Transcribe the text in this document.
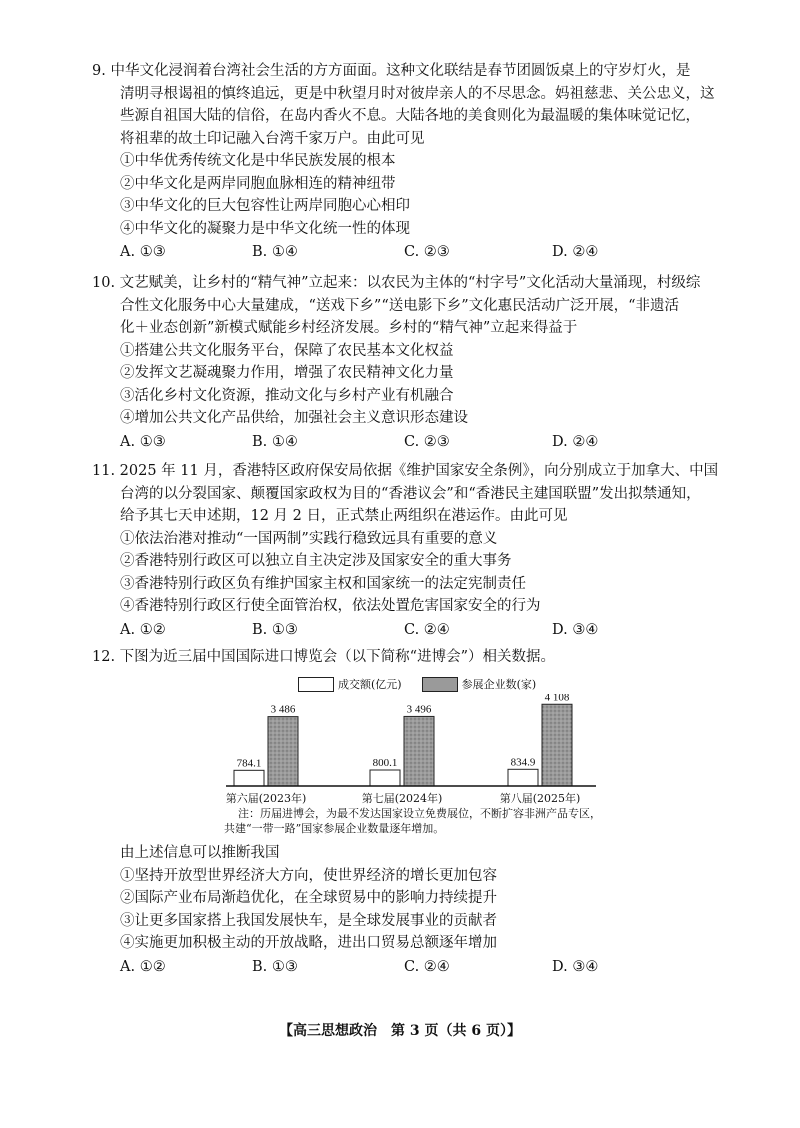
9. 中华文化浸润着台湾社会生活的方方面面。这种文化联结是春节团圆饭桌上的守岁灯火，是
清明寻根谒祖的慎终追远，更是中秋望月时对彼岸亲人的不尽思念。妈祖慈悲、关公忠义，这
些源自祖国大陆的信俗，在岛内香火不息。大陆各地的美食则化为最温暖的集体味觉记忆，
将祖辈的故土印记融入台湾千家万户。由此可见
①中华优秀传统文化是中华民族发展的根本
②中华文化是两岸同胞血脉相连的精神纽带
③中华文化的巨大包容性让两岸同胞心心相印
④中华文化的凝聚力是中华文化统一性的体现
A. ①③	B. ①④	C. ②③	D. ②④
10. 文艺赋美，让乡村的“精气神”立起来：以农民为主体的“村字号”文化活动大量涌现，村级综
合性文化服务中心大量建成，“送戏下乡”“送电影下乡”文化惠民活动广泛开展，“非遗活
化＋业态创新”新模式赋能乡村经济发展。乡村的“精气神”立起来得益于
①搭建公共文化服务平台，保障了农民基本文化权益
②发挥文艺凝魂聚力作用，增强了农民精神文化力量
③活化乡村文化资源，推动文化与乡村产业有机融合
④增加公共文化产品供给，加强社会主义意识形态建设
A. ①③	B. ①④	C. ②③	D. ②④
11. 2025 年 11 月，香港特区政府保安局依据《维护国家安全条例》，向分别成立于加拿大、中国
台湾的以分裂国家、颠覆国家政权为目的“香港议会”和“香港民主建国联盟”发出拟禁通知，
给予其七天申述期，12 月 2 日，正式禁止两组织在港运作。由此可见
①依法治港对推动“一国两制”实践行稳致远具有重要的意义
②香港特别行政区可以独立自主决定涉及国家安全的重大事务
③香港特别行政区负有维护国家主权和国家统一的法定宪制责任
④香港特别行政区行使全面管治权，依法处置危害国家安全的行为
A. ①②	B. ①③	C. ②④	D. ③④
12. 下图为近三届中国国际进口博览会（以下简称“进博会”）相关数据。
成交额(亿元)	参展企业数(家)
784.1
3 486
第六届(2023年)
800.1
3 496
第七届(2024年)
834.9
4 108
第八届(2025年)
注：历届进博会，为最不发达国家设立免费展位，不断扩容非洲产品专区，
共建“一带一路”国家参展企业数量逐年增加。
由上述信息可以推断我国
①坚持开放型世界经济大方向，使世界经济的增长更加包容
②国际产业布局渐趋优化，在全球贸易中的影响力持续提升
③让更多国家搭上我国发展快车，是全球发展事业的贡献者
④实施更加积极主动的开放战略，进出口贸易总额逐年增加
A. ①②	B. ①③	C. ②④	D. ③④
【高三思想政治　第 3 页（共 6 页）】
